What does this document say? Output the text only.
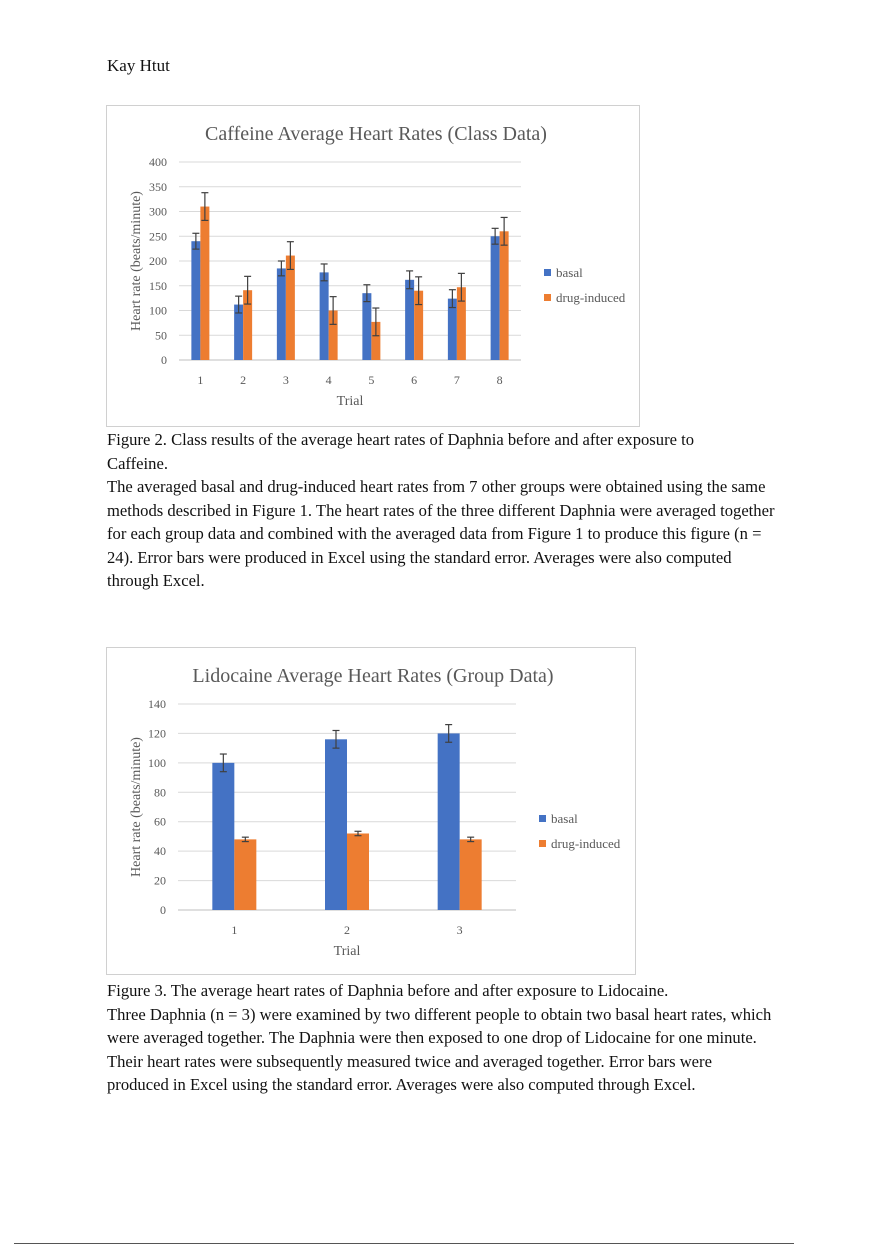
Kay Htut
Caffeine Average Heart Rates (Class Data)
0
50
100
150
200
250
300
350
400
1	2	3	4	5	6	7	8
Trial
Heart rate (beats/minute)	basal
drug-induced
Figure 2. Class results of the average heart rates of Daphnia before and after exposure to Caffeine.
The averaged basal and drug-induced heart rates from 7 other groups were obtained using the same methods described in Figure 1. The heart rates of the three different Daphnia were averaged together for each group data and combined with the averaged data from Figure 1 to produce this figure (n = 24). Error bars were produced in Excel using the standard error. Averages were also computed through Excel.
Lidocaine Average Heart Rates (Group Data)
0
20
40
60
80
100
120
140
1	2	3
Trial
Heart rate (beats/minute)	basal
drug-induced
Figure 3. The average heart rates of Daphnia before and after exposure to Lidocaine.
Three Daphnia (n = 3) were examined by two different people to obtain two basal heart rates, which were averaged together. The Daphnia were then exposed to one drop of Lidocaine for one minute. Their heart rates were subsequently measured twice and averaged together. Error bars were produced in Excel using the standard error. Averages were also computed through Excel.
